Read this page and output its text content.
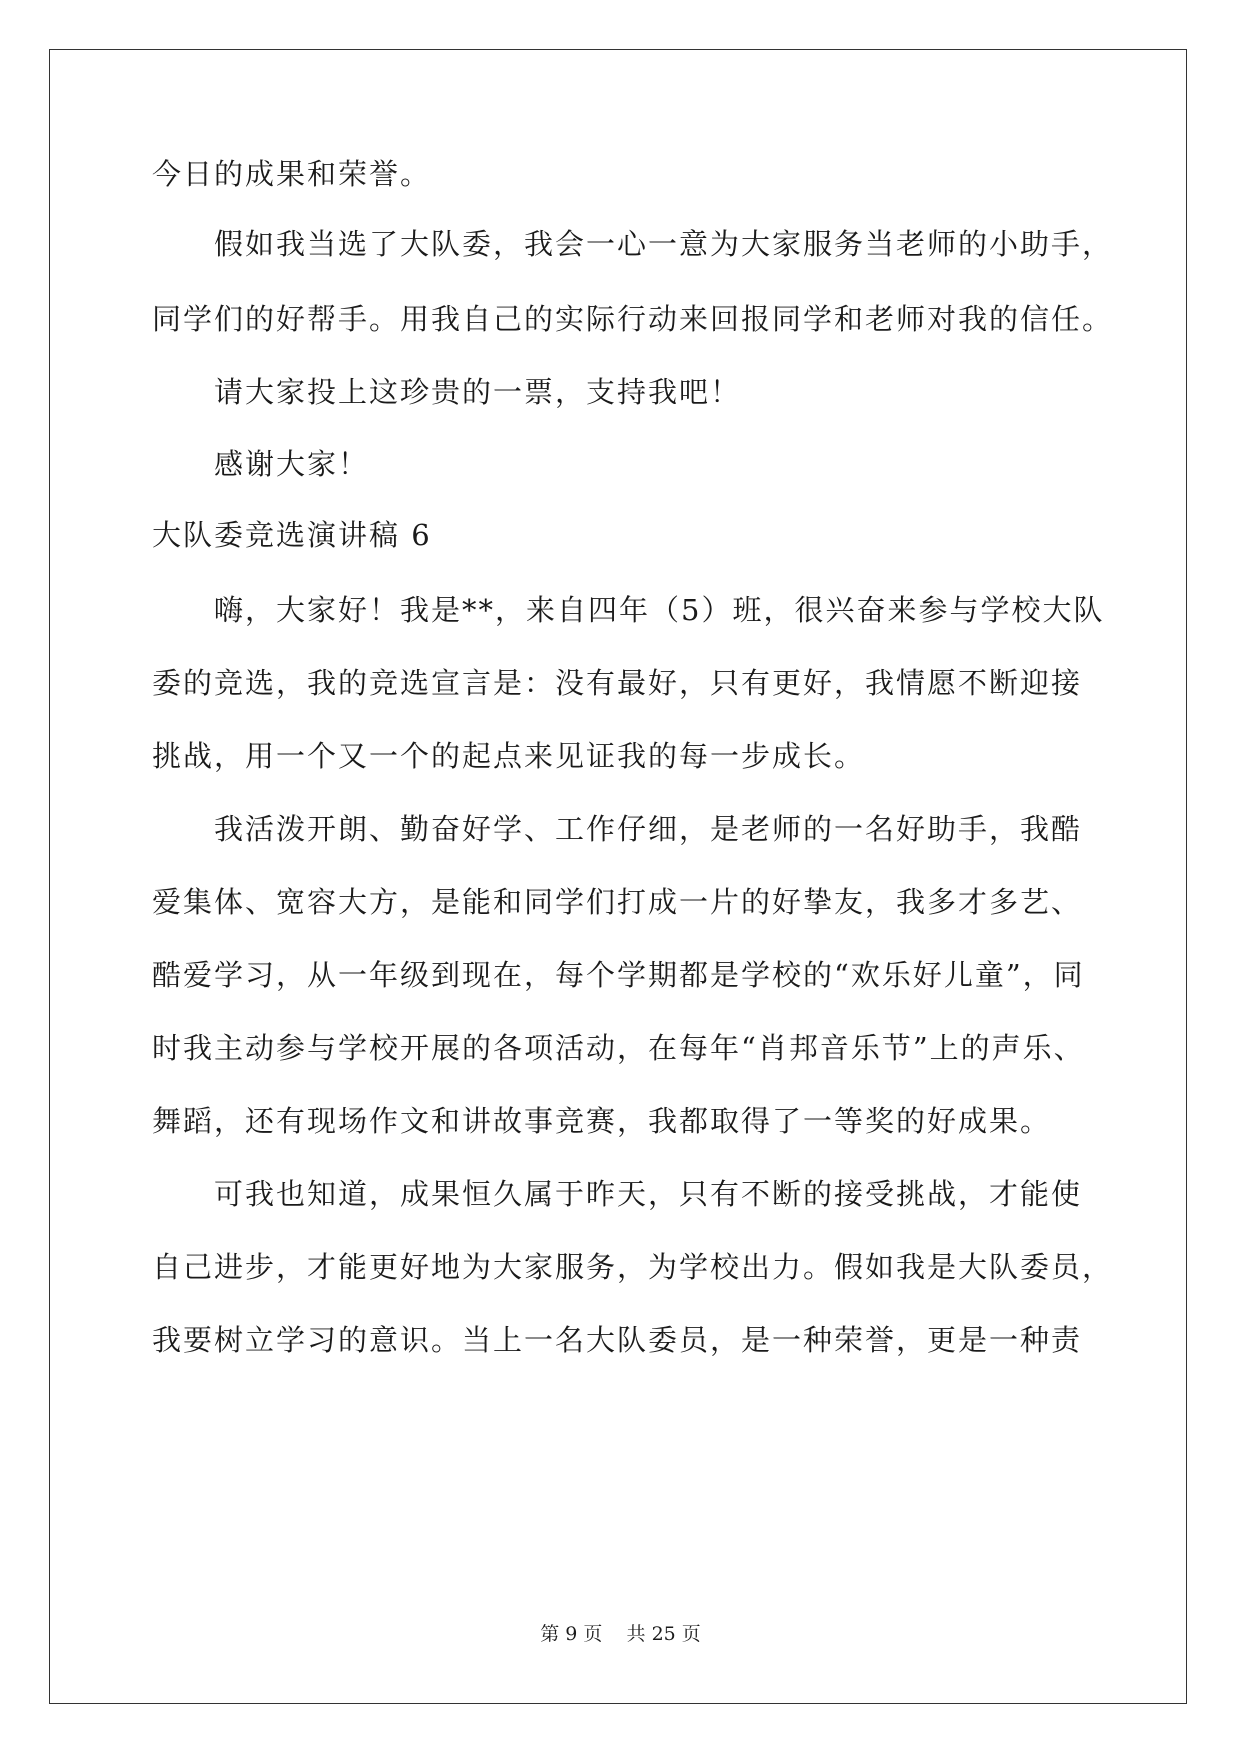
今日的成果和荣誉。
假如我当选了大队委，我会一心一意为大家服务当老师的小助手，
同学们的好帮手。用我自己的实际行动来回报同学和老师对我的信任。
请大家投上这珍贵的一票，支持我吧！
感谢大家！
大队委竞选演讲稿 6
嗨，大家好！我是**，来自四年（5）班，很兴奋来参与学校大队
委的竞选，我的竞选宣言是：没有最好，只有更好，我情愿不断迎接
挑战，用一个又一个的起点来见证我的每一步成长。
我活泼开朗、勤奋好学、工作仔细，是老师的一名好助手，我酷
爱集体、宽容大方，是能和同学们打成一片的好挚友，我多才多艺、
酷爱学习，从一年级到现在，每个学期都是学校的“欢乐好儿童”，同
时我主动参与学校开展的各项活动，在每年“肖邦音乐节”上的声乐、
舞蹈，还有现场作文和讲故事竞赛，我都取得了一等奖的好成果。
可我也知道，成果恒久属于昨天，只有不断的接受挑战，才能使
自己进步，才能更好地为大家服务，为学校出力。假如我是大队委员，
我要树立学习的意识。当上一名大队委员，是一种荣誉，更是一种责
第 9 页 共 25 页
